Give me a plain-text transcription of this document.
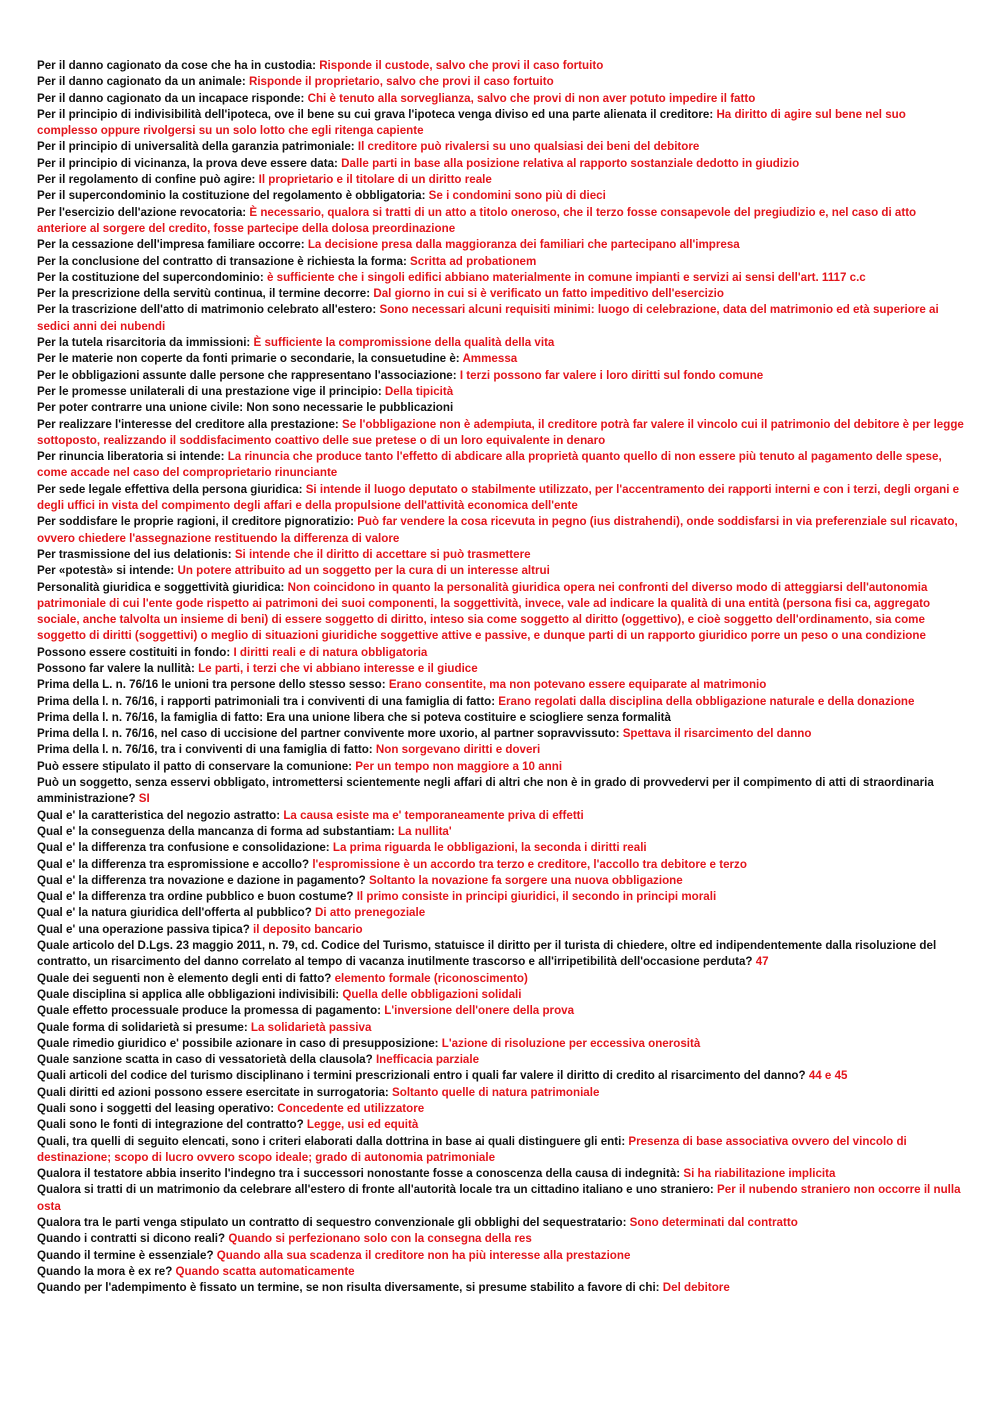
Per il danno cagionato da cose che ha in custodia: Risponde il custode, salvo che provi il caso fortuito
Per il danno cagionato da un animale: Risponde il proprietario, salvo che provi il caso fortuito
Per il danno cagionato da un incapace risponde: Chi è tenuto alla sorveglianza, salvo che provi di non aver potuto impedire il fatto
Per il principio di indivisibilità dell'ipoteca, ove il bene su cui grava l'ipoteca venga diviso ed una parte alienata il creditore: Ha diritto di agire sul bene nel suo complesso oppure rivolgersi su un solo lotto che egli ritenga capiente
Per il principio di universalità della garanzia patrimoniale: Il creditore può rivalersi su uno qualsiasi dei beni del debitore
Per il principio di vicinanza, la prova deve essere data: Dalle parti in base alla posizione relativa al rapporto sostanziale dedotto in giudizio
Per il regolamento di confine può agire: Il proprietario e il titolare di un diritto reale
Per il supercondominio la costituzione del regolamento è obbligatoria: Se i condomini sono più di dieci
Per l'esercizio dell'azione revocatoria: È necessario, qualora si tratti di un atto a titolo oneroso, che il terzo fosse consapevole del pregiudizio e, nel caso di atto anteriore al sorgere del credito, fosse partecipe della dolosa preordinazione
Per la cessazione dell'impresa familiare occorre: La decisione presa dalla maggioranza dei familiari che partecipano all'impresa
Per la conclusione del contratto di transazione è richiesta la forma: Scritta ad probationem
Per la costituzione del supercondominio: è sufficiente che i singoli edifici abbiano materialmente in comune impianti e servizi ai sensi dell'art. 1117 c.c
Per la prescrizione della servitù continua, il termine decorre: Dal giorno in cui si è verificato un fatto impeditivo dell'esercizio
Per la trascrizione dell'atto di matrimonio celebrato all'estero: Sono necessari alcuni requisiti minimi: luogo di celebrazione, data del matrimonio ed età superiore ai sedici anni dei nubendi
Per la tutela risarcitoria da immissioni: È sufficiente la compromissione della qualità della vita
Per le materie non coperte da fonti primarie o secondarie, la consuetudine è: Ammessa
Per le obbligazioni assunte dalle persone che rappresentano l'associazione: I terzi possono far valere i loro diritti sul fondo comune
Per le promesse unilaterali di una prestazione vige il principio: Della tipicità
Per poter contrarre una unione civile: Non sono necessarie le pubblicazioni
Per realizzare l'interesse del creditore alla prestazione: Se l'obbligazione non è adempiuta, il creditore potrà far valere il vincolo cui il patrimonio del debitore è per legge sottoposto, realizzando il soddisfacimento coattivo delle sue pretese o di un loro equivalente in denaro
Per rinuncia liberatoria si intende: La rinuncia che produce tanto l'effetto di abdicare alla proprietà quanto quello di non essere più tenuto al pagamento delle spese, come accade nel caso del comproprietario rinunciante
Per sede legale effettiva della persona giuridica: Si intende il luogo deputato o stabilmente utilizzato, per l'accentramento dei rapporti interni e con i terzi, degli organi e degli uffici in vista del compimento degli affari e della propulsione dell'attività economica dell'ente
Per soddisfare le proprie ragioni, il creditore pignoratizio: Può far vendere la cosa ricevuta in pegno (ius distrahendi), onde soddisfarsi in via preferenziale sul ricavato, ovvero chiedere l'assegnazione restituendo la differenza di valore
Per trasmissione del ius delationis: Si intende che il diritto di accettare si può trasmettere
Per «potestà» si intende: Un potere attribuito ad un soggetto per la cura di un interesse altrui
Personalità giuridica e soggettività giuridica: Non coincidono in quanto la personalità giuridica opera nei confronti del diverso modo di atteggiarsi dell'autonomia patrimoniale di cui l'ente gode rispetto ai patrimoni dei suoi componenti, la soggettività, invece, vale ad indicare la qualità di una entità (persona fisi ca, aggregato sociale, anche talvolta un insieme di beni) di essere soggetto di diritto, inteso sia come soggetto al diritto (oggettivo), e cioè soggetto dell'ordinamento, sia come soggetto di diritti (soggettivi) o meglio di situazioni giuridiche soggettive attive e passive, e dunque parti di un rapporto giuridico porre un peso o una condizione
Possono essere costituiti in fondo: I diritti reali e di natura obbligatoria
Possono far valere la nullità: Le parti, i terzi che vi abbiano interesse e il giudice
Prima della L. n. 76/16 le unioni tra persone dello stesso sesso: Erano consentite, ma non potevano essere equiparate al matrimonio
Prima della l. n. 76/16, i rapporti patrimoniali tra i conviventi di una famiglia di fatto: Erano regolati dalla disciplina della obbligazione naturale e della donazione
Prima della l. n. 76/16, la famiglia di fatto: Era una unione libera che si poteva costituire e sciogliere senza formalità
Prima della l. n. 76/16, nel caso di uccisione del partner convivente more uxorio, al partner sopravvissuto: Spettava il risarcimento del danno
Prima della l. n. 76/16, tra i conviventi di una famiglia di fatto: Non sorgevano diritti e doveri
Può essere stipulato il patto di conservare la comunione: Per un tempo non maggiore a 10 anni
Può un soggetto, senza esservi obbligato, intromettersi scientemente negli affari di altri che non è in grado di provvedervi per il compimento di atti di straordinaria amministrazione? SI
Qual e' la caratteristica del negozio astratto: La causa esiste ma e' temporaneamente priva di effetti
Qual e' la conseguenza della mancanza di forma ad substantiam: La nullita'
Qual e' la differenza tra confusione e consolidazione: La prima riguarda le obbligazioni, la seconda i diritti reali
Qual e' la differenza tra espromissione e accollo? l'espromissione è un accordo tra terzo e creditore, l'accollo tra debitore e terzo
Qual e' la differenza tra novazione e dazione in pagamento? Soltanto la novazione fa sorgere una nuova obbligazione
Qual e' la differenza tra ordine pubblico e buon costume? Il primo consiste in principi giuridici, il secondo in principi morali
Qual e' la natura giuridica dell'offerta al pubblico? Di atto prenegoziale
Qual e' una operazione passiva tipica? il deposito bancario
Quale articolo del D.Lgs. 23 maggio 2011, n. 79, cd. Codice del Turismo, statuisce il diritto per il turista di chiedere, oltre ed indipendentemente dalla risoluzione del contratto, un risarcimento del danno correlato al tempo di vacanza inutilmente trascorso e all'irripetibilità dell'occasione perduta? 47
Quale dei seguenti non è elemento degli enti di fatto? elemento formale (riconoscimento)
Quale disciplina si applica alle obbligazioni indivisibili: Quella delle obbligazioni solidali
Quale effetto processuale produce la promessa di pagamento: L'inversione dell'onere della prova
Quale forma di solidarietà si presume: La solidarietà passiva
Quale rimedio giuridico e' possibile azionare in caso di presupposizione: L'azione di risoluzione per eccessiva onerosità
Quale sanzione scatta in caso di vessatorietà della clausola? Inefficacia parziale
Quali articoli del codice del turismo disciplinano i termini prescrizionali entro i quali far valere il diritto di credito al risarcimento del danno? 44 e 45
Quali diritti ed azioni possono essere esercitate in surrogatoria: Soltanto quelle di natura patrimoniale
Quali sono i soggetti del leasing operativo: Concedente ed utilizzatore
Quali sono le fonti di integrazione del contratto? Legge, usi ed equità
Quali, tra quelli di seguito elencati, sono i criteri elaborati dalla dottrina in base ai quali distinguere gli enti: Presenza di base associativa ovvero del vincolo di destinazione; scopo di lucro ovvero scopo ideale; grado di autonomia patrimoniale
Qualora il testatore abbia inserito l'indegno tra i successori nonostante fosse a conoscenza della causa di indegnità: Si ha riabilitazione implicita
Qualora si tratti di un matrimonio da celebrare all'estero di fronte all'autorità locale tra un cittadino italiano e uno straniero: Per il nubendo straniero non occorre il nulla osta
Qualora tra le parti venga stipulato un contratto di sequestro convenzionale gli obblighi del sequestratario: Sono determinati dal contratto
Quando i contratti si dicono reali? Quando si perfezionano solo con la consegna della res
Quando il termine è essenziale? Quando alla sua scadenza il creditore non ha più interesse alla prestazione
Quando la mora è ex re? Quando scatta automaticamente
Quando per l'adempimento è fissato un termine, se non risulta diversamente, si presume stabilito a favore di chi: Del debitore
